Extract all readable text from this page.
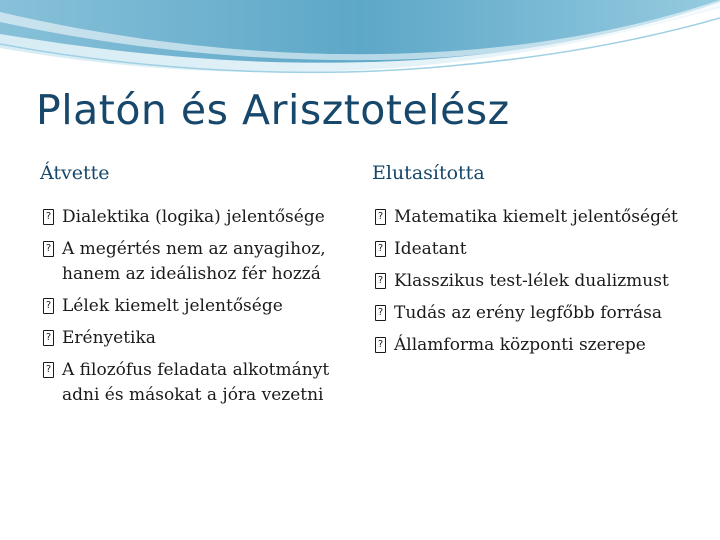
Platón és Arisztotelész
Átvette
? Dialektika (logika) jelentősége
? A megértés nem az anyagihoz, hanem az ideálishoz fér hozzá
? Lélek kiemelt jelentősége
? Erényetika
? A filozófus feladata alkotmányt adni és másokat a jóra vezetni
Elutasította
? Matematika kiemelt jelentőségét
? Ideatant
? Klasszikus test-lélek dualizmust
? Tudás az erény legfőbb forrása
? Államforma központi szerepe
